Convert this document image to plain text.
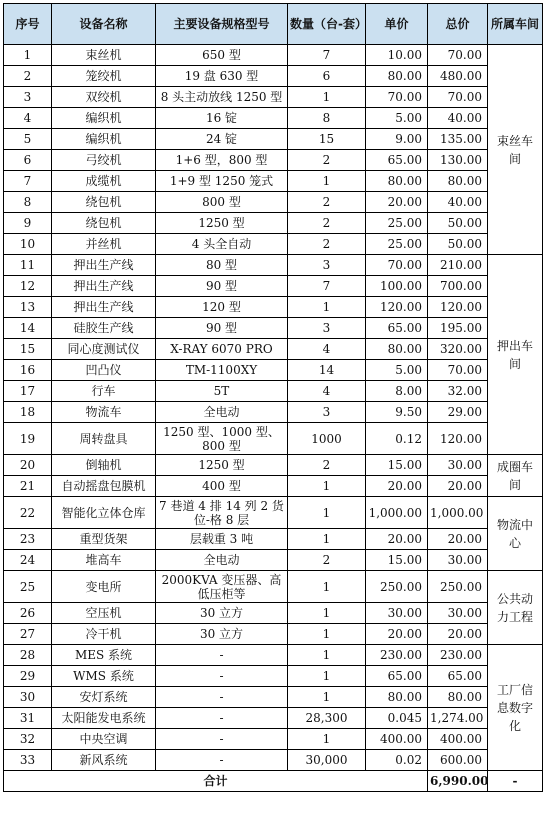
序号	设备名称	主要设备规格型号	数量（台-套）	单价	总价	所属车间
1	束丝机	650 型	7	10.00	70.00	束丝车间
2	笼绞机	19 盘 630 型	6	80.00	480.00	
3	双绞机	8 头主动放线 1250 型	1	70.00	70.00	
4	编织机	16 锭	8	5.00	40.00	
5	编织机	24 锭	15	9.00	135.00	
6	弓绞机	1+6 型，800 型	2	65.00	130.00	
7	成缆机	1+9 型 1250 笼式	1	80.00	80.00	
8	绕包机	800 型	2	20.00	40.00	
9	绕包机	1250 型	2	25.00	50.00	
10	并丝机	4 头全自动	2	25.00	50.00	
11	押出生产线	80 型	3	70.00	210.00	押出车间
12	押出生产线	90 型	7	100.00	700.00	
13	押出生产线	120 型	1	120.00	120.00	
14	硅胶生产线	90 型	3	65.00	195.00	
15	同心度测试仪	X-RAY 6070 PRO	4	80.00	320.00	
16	凹凸仪	TM-1100XY	14	5.00	70.00	
17	行车	5T	4	8.00	32.00	
18	物流车	全电动	3	9.50	29.00	
19	周转盘具	1250 型、1000 型、800 型	1000	0.12	120.00	
20	倒轴机	1250 型	2	15.00	30.00	成圈车间
21	自动摇盘包膜机	400 型	1	20.00	20.00	
22	智能化立体仓库	7 巷道 4 排 14 列 2 货位-格 8 层	1	1,000.00	1,000.00	物流中心
23	重型货架	层载重 3 吨	1	20.00	20.00	
24	堆高车	全电动	2	15.00	30.00	
25	变电所	2000KVA 变压器、高低压柜等	1	250.00	250.00	公共动力工程
26	空压机	30 立方	1	30.00	30.00	
27	冷干机	30 立方	1	20.00	20.00	
28	MES 系统	-	1	230.00	230.00	工厂信息数字化
29	WMS 系统	-	1	65.00	65.00	
30	安灯系统	-	1	80.00	80.00	
31	太阳能发电系统	-	28,300	0.045	1,274.00	
32	中央空调	-	1	400.00	400.00	
33	新风系统	-	30,000	0.02	600.00	
合计					6,990.00	-
